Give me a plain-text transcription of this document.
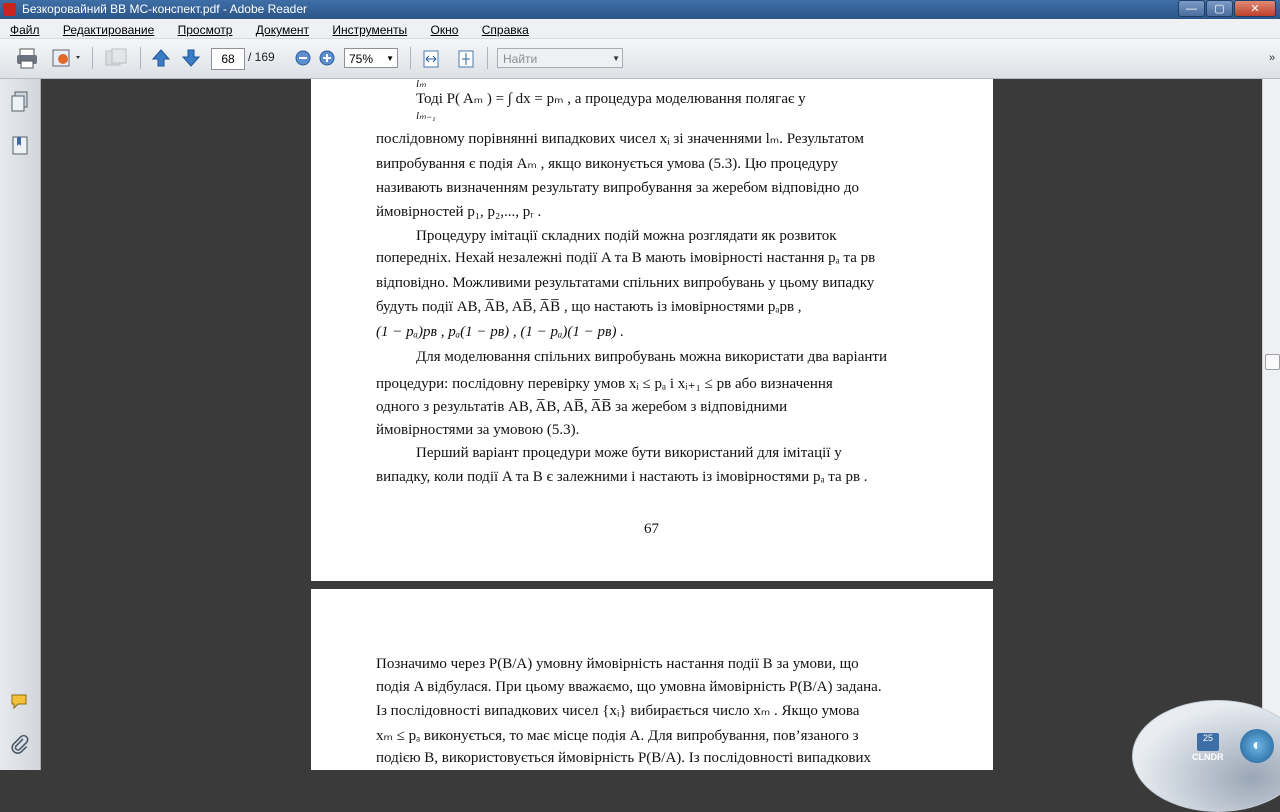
Безкоровайний ВВ МС-конспект.pdf - Adobe Reader	—	▢	✕
Файл Редактирование Просмотр Документ Инструменты Окно Справка
68	/ 169	75% ▼	Найти	▼	»
lₘ
lₘ₋₁
Тоді P( Aₘ ) = ∫ dx = pₘ , а процедура моделювання полягає у
послідовному порівнянні випадкових чисел xᵢ зі значеннями lₘ. Результатом
випробування є подія Aₘ , якщо виконується умова (5.3). Цю процедуру
називають визначенням результату випробування за жеребом відповідно до
ймовірностей p₁, p₂,..., pᵣ .
Процедуру імітації складних подій можна розглядати як розвиток
попередніх. Нехай незалежні події A та B мають імовірності настання pₐ та pʙ
відповідно. Можливими результатами спільних випробувань у цьому випадку
будуть події AB, A̅B, AB̅, A̅B̅ , що настають із імовірностями pₐpʙ ,
(1 − pₐ)pʙ , pₐ(1 − pʙ) , (1 − pₐ)(1 − pʙ) .
Для моделювання спільних випробувань можна використати два варіанти
процедури: послідовну перевірку умов xᵢ ≤ pₐ і xᵢ₊₁ ≤ pʙ або визначення
одного з результатів AB, A̅B, AB̅, A̅B̅ за жеребом з відповідними
ймовірностями за умовою (5.3).
Перший варіант процедури може бути використаний для імітації у
випадку, коли події A та B є залежними і настають із імовірностями pₐ та pʙ .
67
Позначимо через P(B/A) умовну ймовірність настання події B за умови, що
подія A відбулася. При цьому вважаємо, що умовна ймовірність P(B/A) задана.
Із послідовності випадкових чисел {xᵢ} вибирається число xₘ . Якщо умова
xₘ ≤ pₐ виконується, то має місце подія A. Для випробування, пов’язаного з
подією B, використовується ймовірність P(B/A). Із послідовності випадкових
25
CLNDR
◐
